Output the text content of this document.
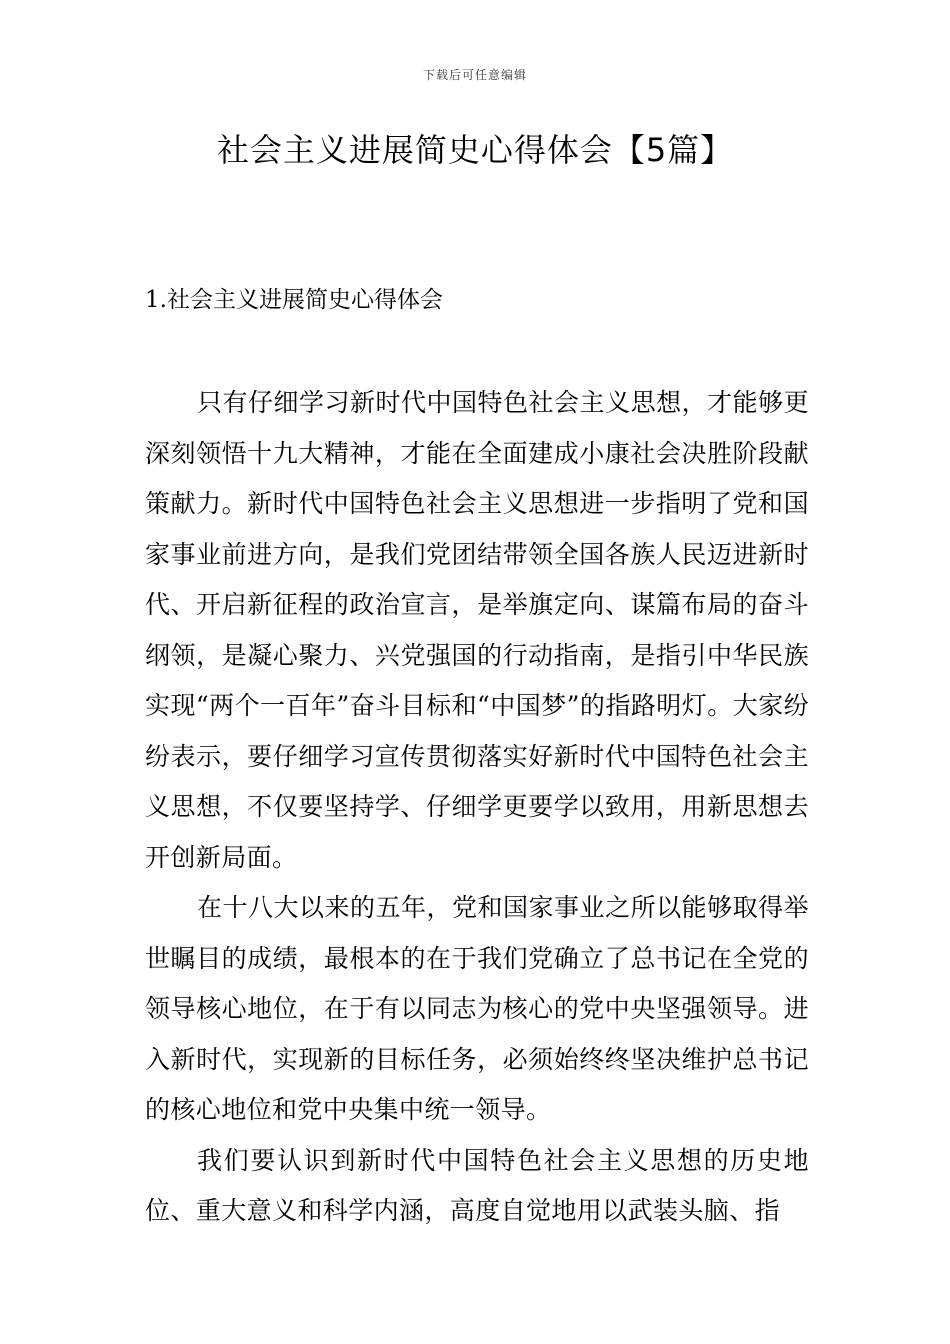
下载后可任意编辑
社会主义进展简史心得体会【5篇】
1.社会主义进展简史心得体会

只有仔细学习新时代中国特色社会主义思想，才能够更深刻领悟十九大精神，才能在全面建成小康社会决胜阶段献策献力。新时代中国特色社会主义思想进一步指明了党和国家事业前进方向，是我们党团结带领全国各族人民迈进新时代、开启新征程的政治宣言，是举旗定向、谋篇布局的奋斗纲领，是凝心聚力、兴党强国的行动指南，是指引中华民族实现“两个一百年”奋斗目标和“中国梦”的指路明灯。大家纷纷表示，要仔细学习宣传贯彻落实好新时代中国特色社会主义思想，不仅要坚持学、仔细学更要学以致用，用新思想去开创新局面。

在十八大以来的五年，党和国家事业之所以能够取得举世瞩目的成绩，最根本的在于我们党确立了总书记在全党的领导核心地位，在于有以同志为核心的党中央坚强领导。进入新时代，实现新的目标任务，必须始终终坚决维护总书记的核心地位和党中央集中统一领导。

我们要认识到新时代中国特色社会主义思想的历史地位、重大意义和科学内涵，高度自觉地用以武装头脑、指
